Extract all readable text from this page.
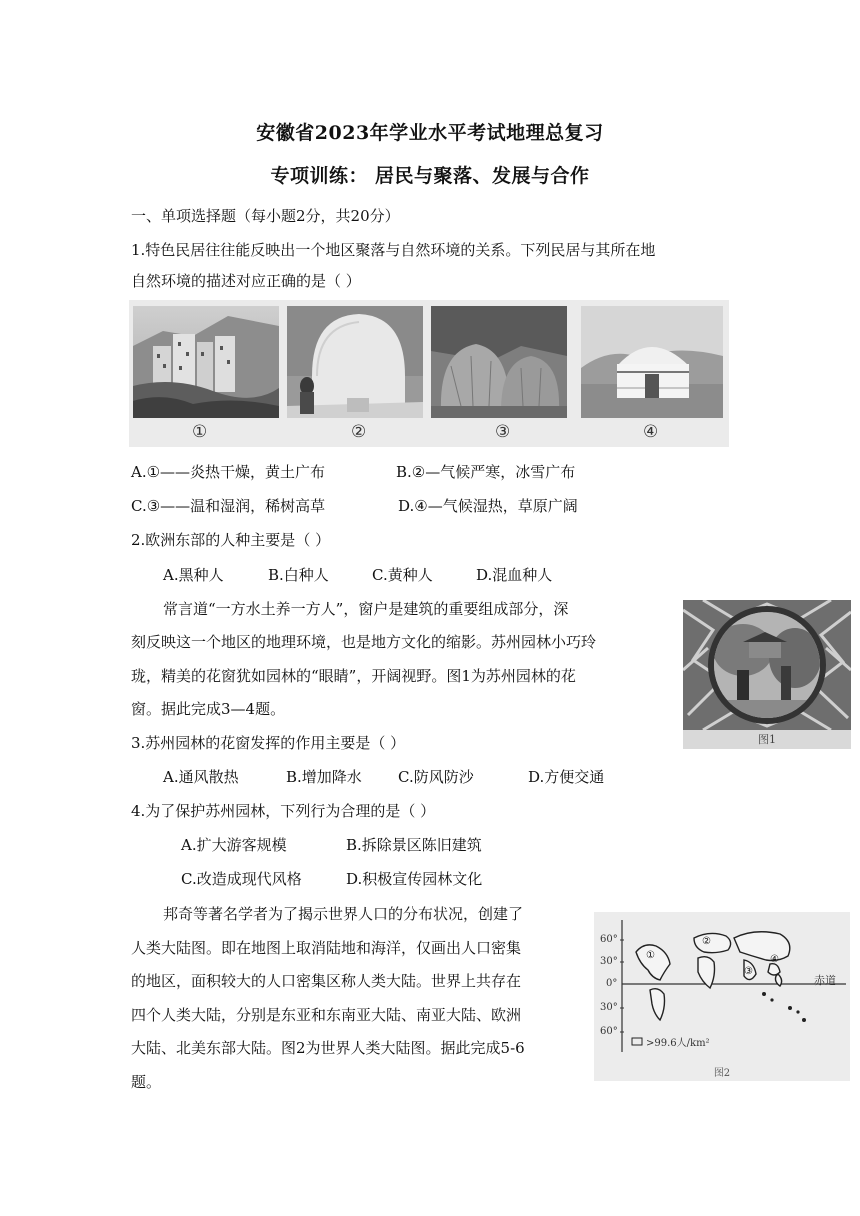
安徽省2023年学业水平考试地理总复习
专项训练： 居民与聚落、发展与合作
一、单项选择题（每小题2分，共20分）
1.特色民居往往能反映出一个地区聚落与自然环境的关系。下列民居与其所在地
自然环境的描述对应正确的是（ ）
①	②	③	④
A.①——炎热干燥，黄土广布	B.②—气候严寒，冰雪广布
C.③——温和湿润，稀树高草	D.④—气候湿热，草原广阔
2.欧洲东部的人种主要是（ ）
A.黑种人	B.白种人	C.黄种人	D.混血种人
常言道“一方水土养一方人”，窗户是建筑的重要组成部分，深
刻反映这一个地区的地理环境，也是地方文化的缩影。苏州园林小巧玲
珑，精美的花窗犹如园林的“眼睛”，开阔视野。图1为苏州园林的花
窗。据此完成3—4题。
图1
3.苏州园林的花窗发挥的作用主要是（ ）
A.通风散热	B.增加降水 C.防风防沙	D.方便交通
4.为了保护苏州园林，下列行为合理的是（ ）
A.扩大游客规模	B.拆除景区陈旧建筑
C.改造成现代风格	D.积极宣传园林文化
邦奇等著名学者为了揭示世界人口的分布状况，创建了
人类大陆图。即在地图上取消陆地和海洋，仅画出人口密集
的地区，面积较大的人口密集区称人类大陆。世界上共存在
四个人类大陆，分别是东亚和东南亚大陆、南亚大陆、欧洲
大陆、北美东部大陆。图2为世界人类大陆图。据此完成5-6
题。
60°
30°
0°
30°
60°
赤道
①
②
③
④
>99.6人/km²
图2
